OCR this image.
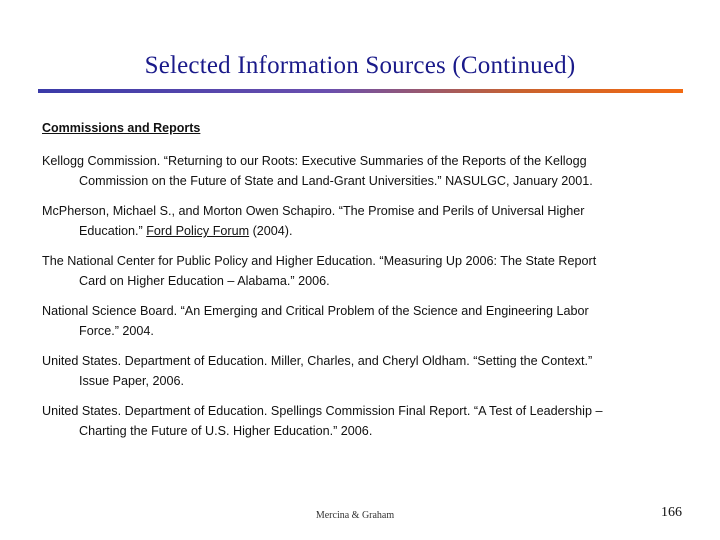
Selected Information Sources (Continued)
Commissions and Reports
Kellogg Commission. “Returning to our Roots: Executive Summaries of the Reports of the Kellogg
Commission on the Future of State and Land-Grant Universities.” NASULGC, January 2001.
McPherson, Michael S., and Morton Owen Schapiro. “The Promise and Perils of Universal Higher
Education.” Ford Policy Forum (2004).
The National Center for Public Policy and Higher Education. “Measuring Up 2006: The State Report
Card on Higher Education – Alabama.” 2006.
National Science Board. “An Emerging and Critical Problem of the Science and Engineering Labor
Force.” 2004.
United States. Department of Education. Miller, Charles, and Cheryl Oldham. “Setting the Context.”
Issue Paper, 2006.
United States. Department of Education. Spellings Commission Final Report. “A Test of Leadership –
Charting the Future of U.S. Higher Education.” 2006.
Mercina & Graham	166
